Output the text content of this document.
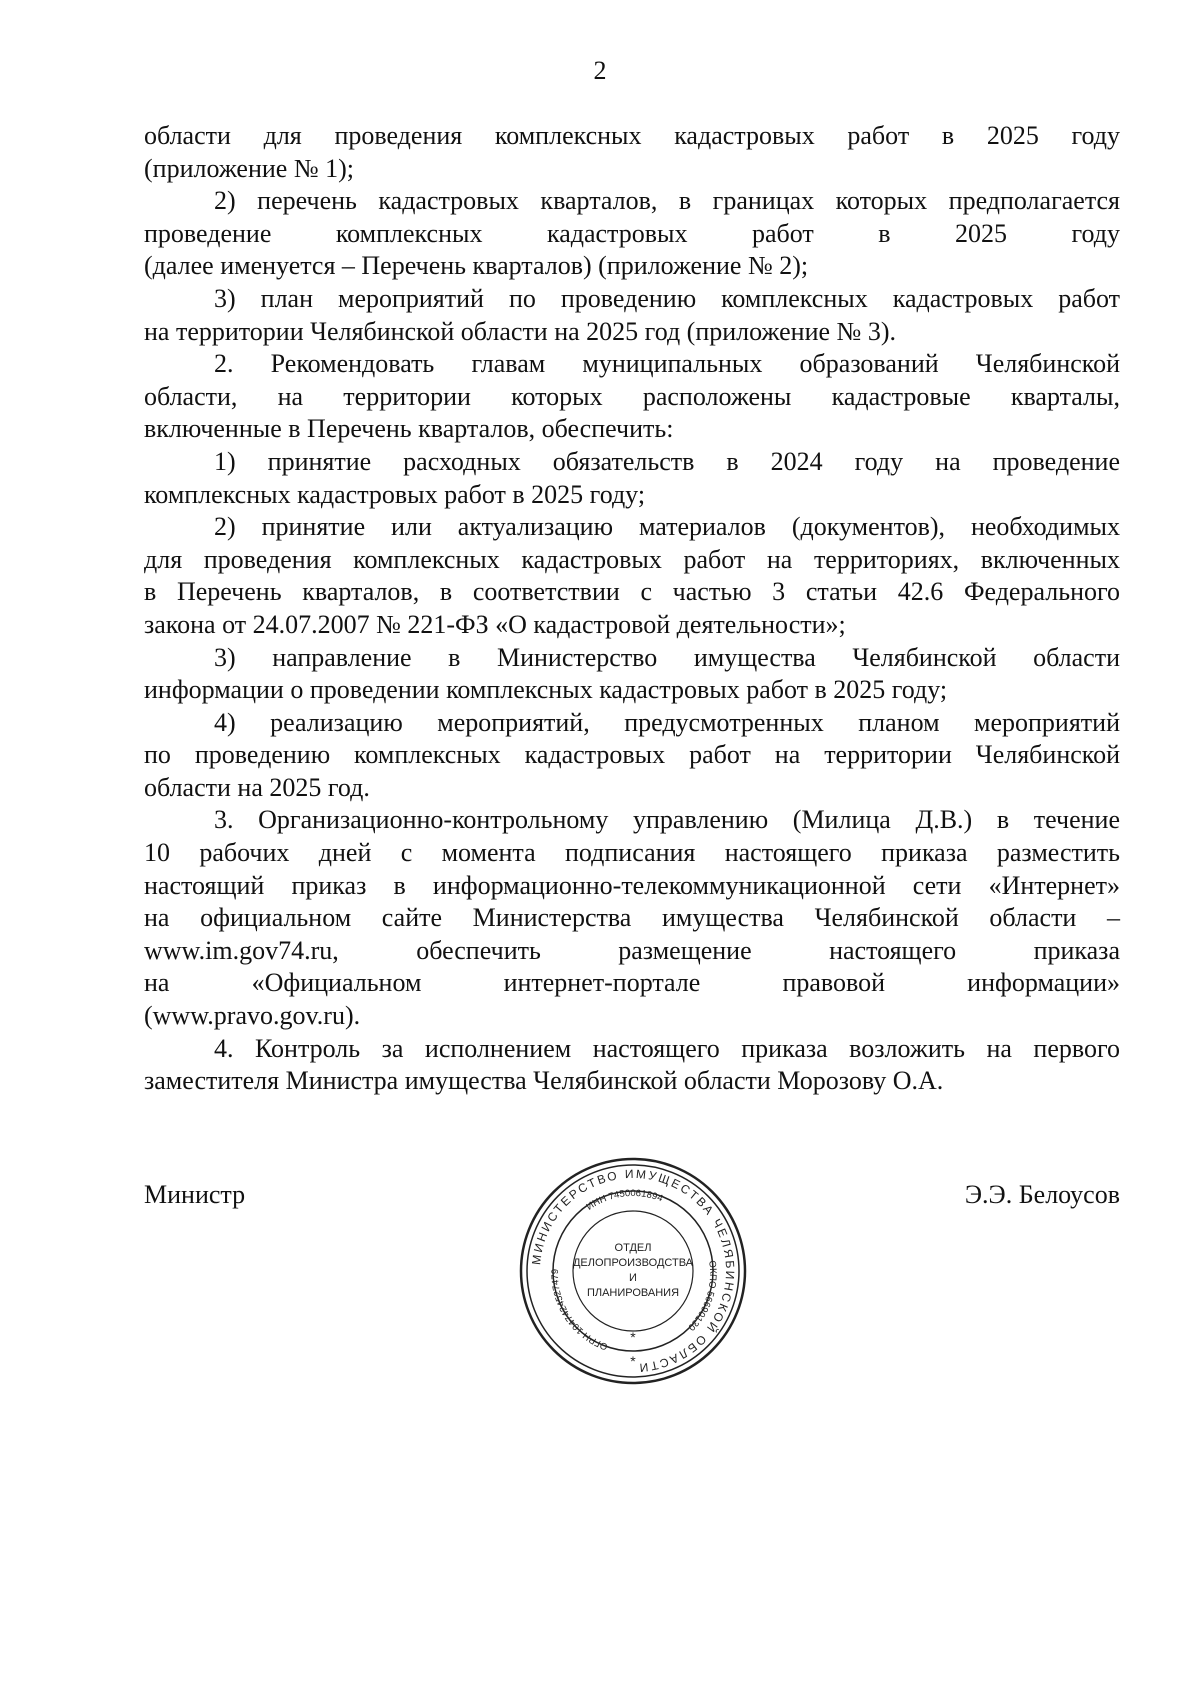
2
области для проведения комплексных кадастровых работ в 2025 году
(приложение № 1);
2) перечень кадастровых кварталов, в границах которых предполагается
проведение комплексных кадастровых работ в 2025 году
(далее именуется – Перечень кварталов) (приложение № 2);
3) план мероприятий по проведению комплексных кадастровых работ
на территории Челябинской области на 2025 год (приложение № 3).
2. Рекомендовать главам муниципальных образований Челябинской
области, на территории которых расположены кадастровые кварталы,
включенные в Перечень кварталов, обеспечить:
1) принятие расходных обязательств в 2024 году на проведение
комплексных кадастровых работ в 2025 году;
2) принятие или актуализацию материалов (документов), необходимых
для проведения комплексных кадастровых работ на территориях, включенных
в Перечень кварталов, в соответствии с частью 3 статьи 42.6 Федерального
закона от 24.07.2007 № 221-ФЗ «О кадастровой деятельности»;
3) направление в Министерство имущества Челябинской области
информации о проведении комплексных кадастровых работ в 2025 году;
4) реализацию мероприятий, предусмотренных планом мероприятий
по проведению комплексных кадастровых работ на территории Челябинской
области на 2025 год.
3. Организационно-контрольному управлению (Милица Д.В.) в течение
10 рабочих дней с момента подписания настоящего приказа разместить
настоящий приказ в информационно-телекоммуникационной сети «Интернет»
на официальном сайте Министерства имущества Челябинской области –
www.im.gov74.ru, обеспечить размещение настоящего приказа
на «Официальном интернет-портале правовой информации»
(www.pravo.gov.ru).
4. Контроль за исполнением настоящего приказа возложить на первого
заместителя Министра имущества Челябинской области Морозову О.А.
Министр	Э.Э. Белоусов
МИНИСТЕРСТВО ИМУЩЕСТВА ЧЕЛЯБИНСКОЙ ОБЛАСТИ
ИНН 7450061894
ОГРН 1047424527479
ОКПО 56690130
ОТДЕЛ
ДЕЛОПРОИЗВОДСТВА
И
ПЛАНИРОВАНИЯ
*
*
